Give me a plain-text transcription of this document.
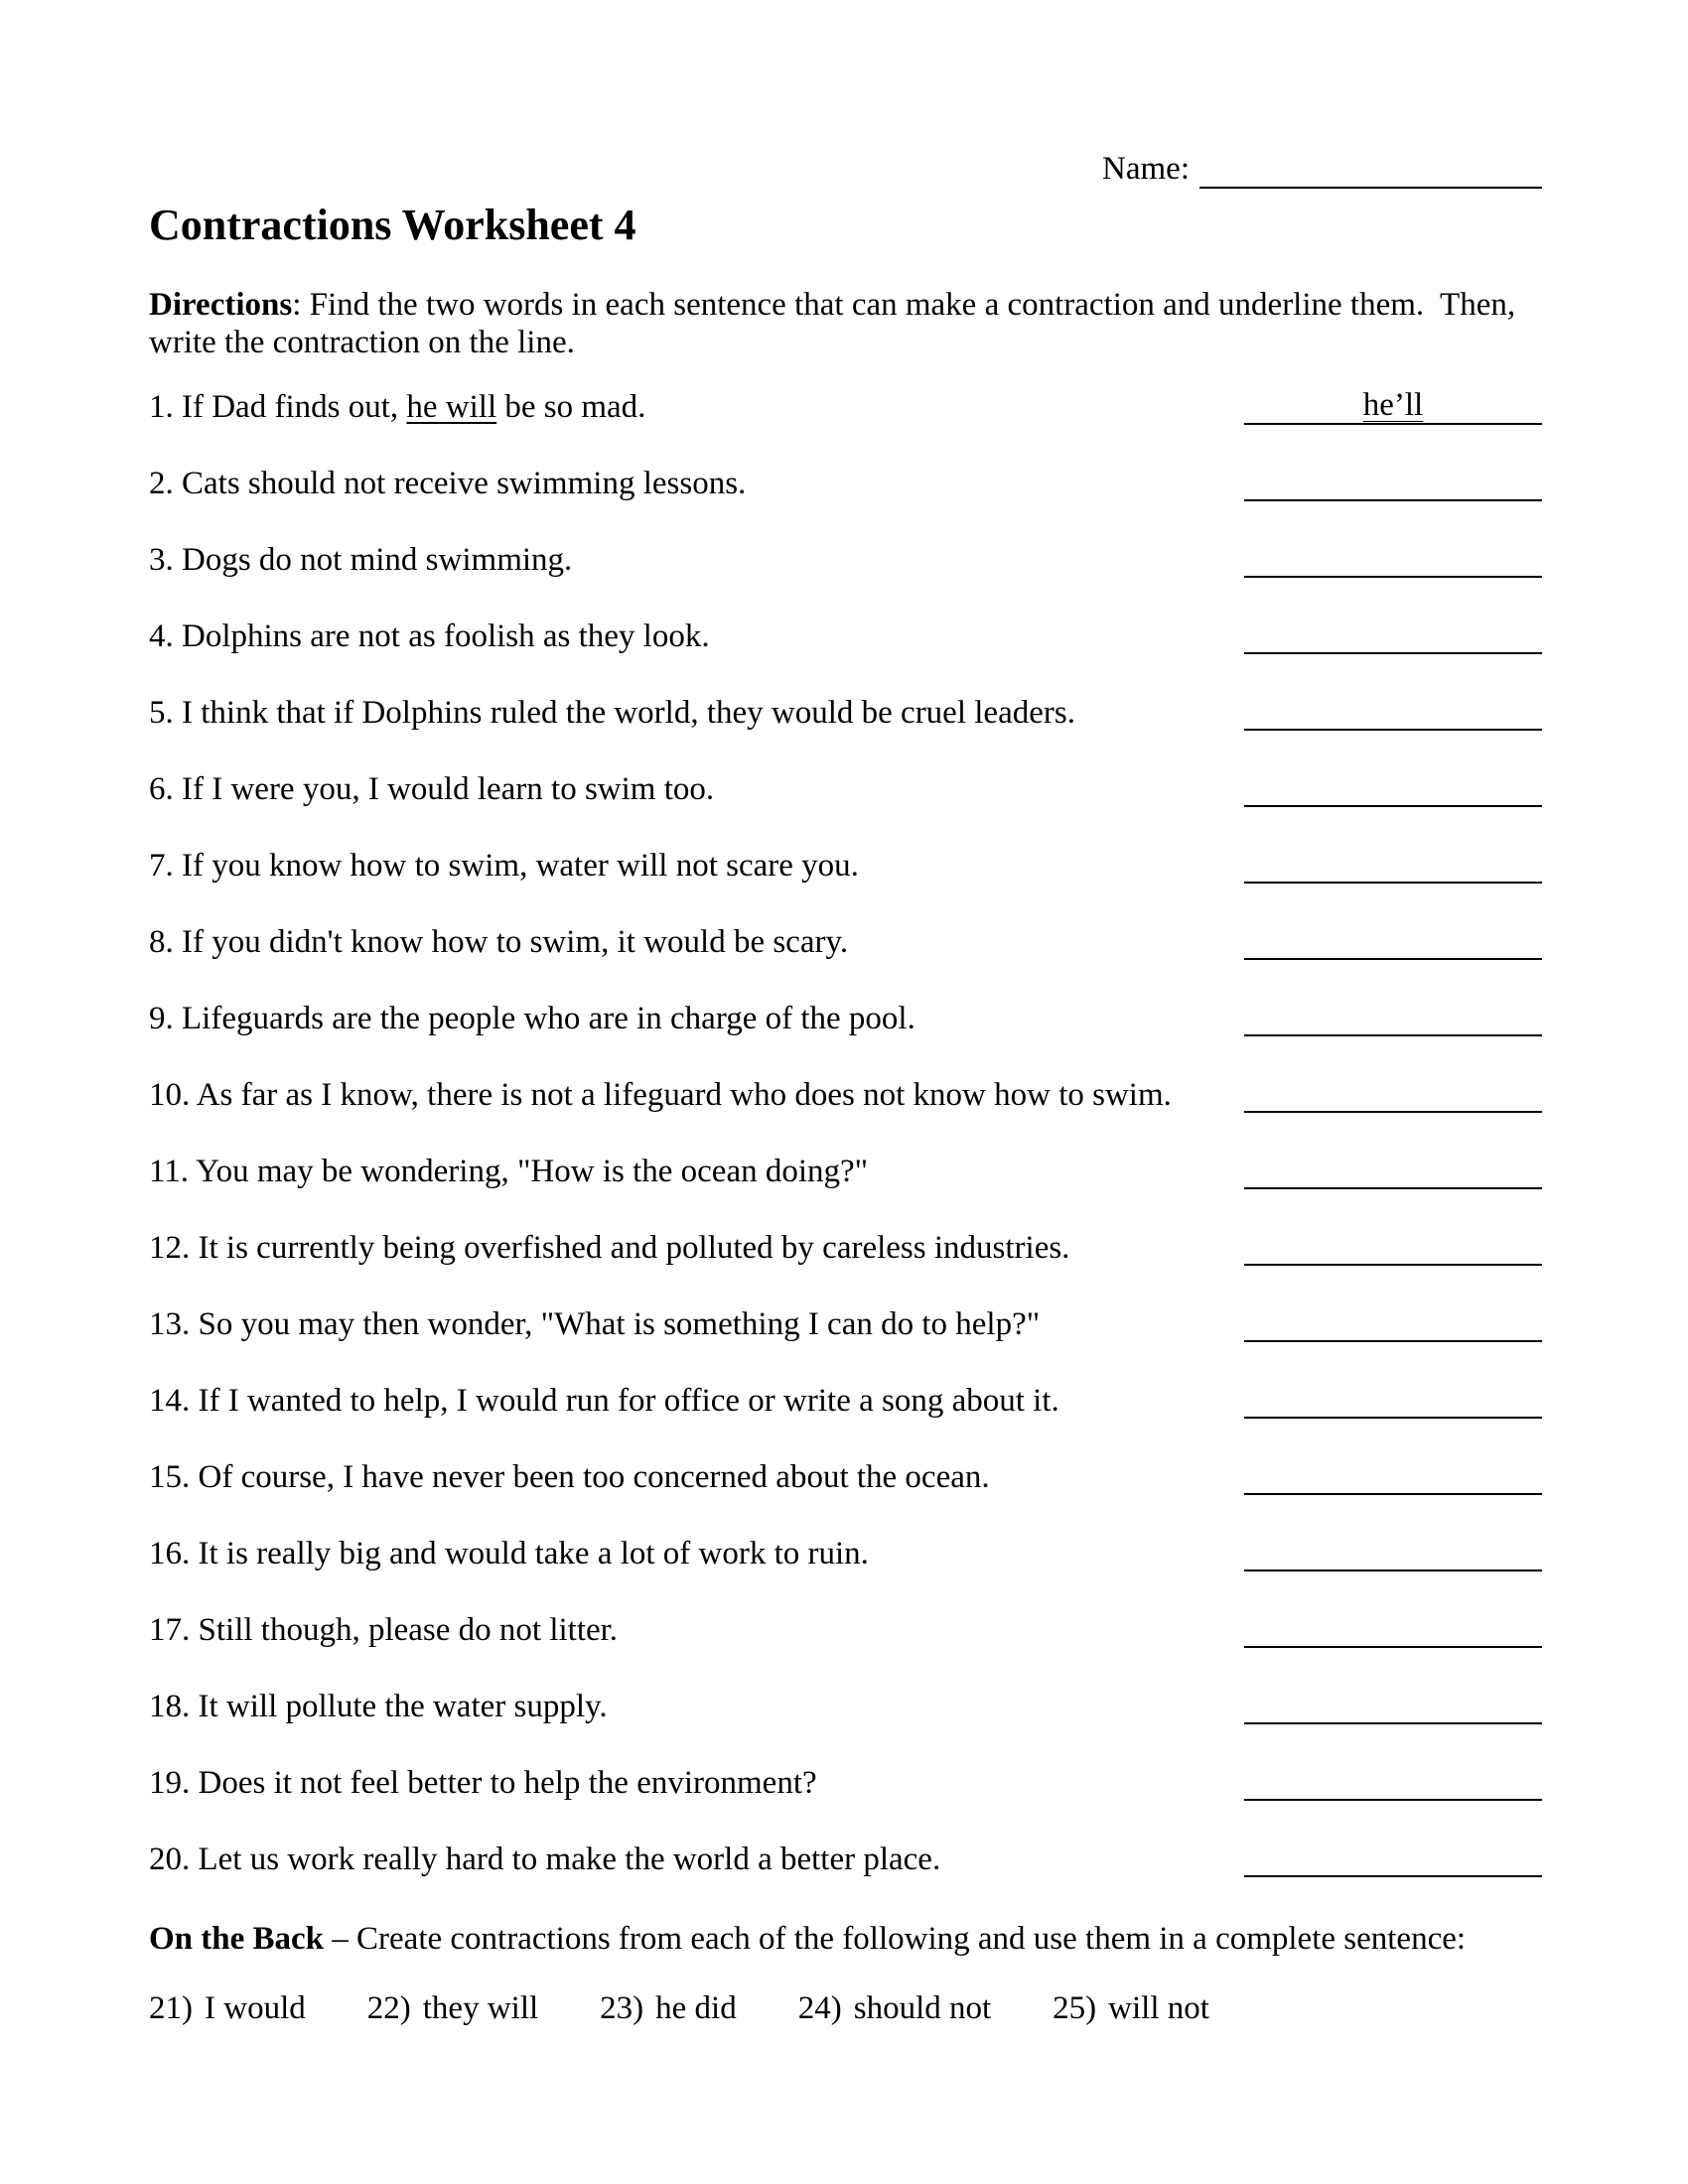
Name:
Contractions Worksheet 4
Directions: Find the two words in each sentence that can make a contraction and underline them.  Then, write the contraction on the line.
1. If Dad finds out, he will be so mad.	he’ll
2. Cats should not receive swimming lessons.
3. Dogs do not mind swimming.
4. Dolphins are not as foolish as they look.
5. I think that if Dolphins ruled the world, they would be cruel leaders.
6. If I were you, I would learn to swim too.
7. If you know how to swim, water will not scare you.
8. If you didn't know how to swim, it would be scary.
9. Lifeguards are the people who are in charge of the pool.
10. As far as I know, there is not a lifeguard who does not know how to swim.
11. You may be wondering, "How is the ocean doing?"
12. It is currently being overfished and polluted by careless industries.
13. So you may then wonder, "What is something I can do to help?"
14. If I wanted to help, I would run for office or write a song about it.
15. Of course, I have never been too concerned about the ocean.
16. It is really big and would take a lot of work to ruin.
17. Still though, please do not litter.
18. It will pollute the water supply.
19. Does it not feel better to help the environment?
20. Let us work really hard to make the world a better place.
On the Back – Create contractions from each of the following and use them in a complete sentence:
21) I would 22) they will 23) he did 24) should not 25) will not
